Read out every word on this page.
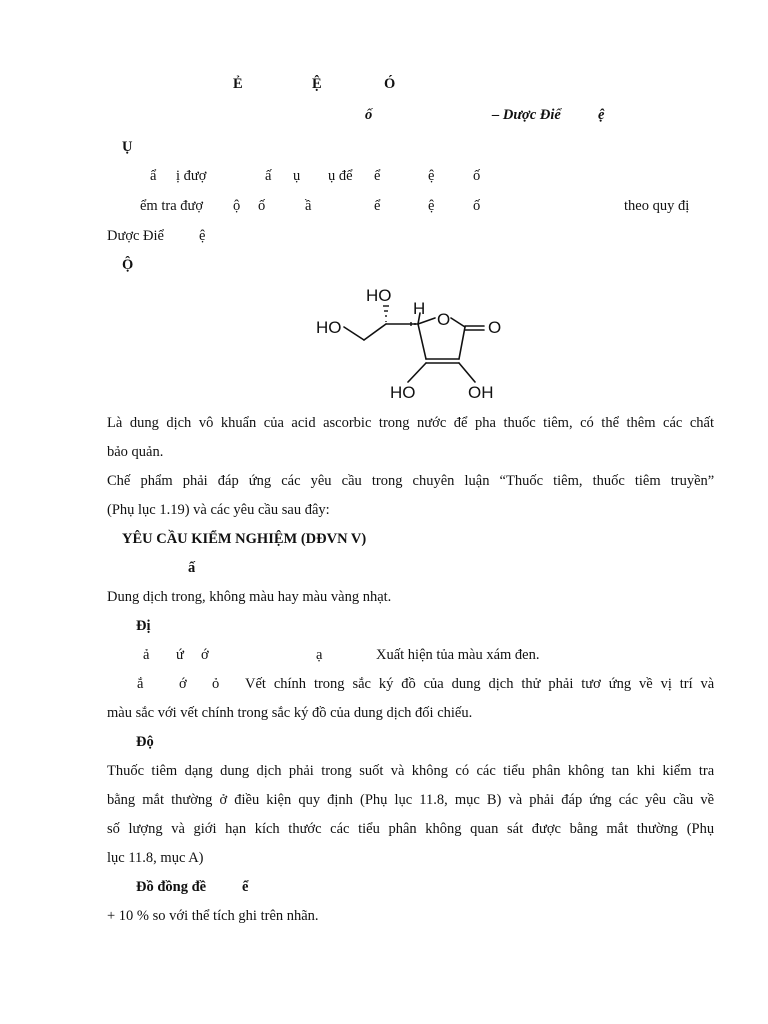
Ẻ	Ệ	Ó
ố	– Dược Điể	ệ
Ụ
ẩ ị đượ	ấ ụ ụ để ể	ệ	ố
ểm tra đượ ộ ố	ầ	ể	ệ	ố	theo quy đị
Dược Điể ệ
Ộ
HO
H
HO	O O
HO	OH
Là dung dịch vô khuẩn của acid ascorbic trong nước để pha thuốc tiêm, có thể thêm các chất
bảo quản.
Chế phẩm phải đáp ứng các yêu cầu trong chuyên luận “Thuốc tiêm, thuốc tiêm truyền”
(Phụ lục 1.19) và các yêu cầu sau đây:
YÊU CẦU KIỂM NGHIỆM (DĐVN V)
ấ
Dung dịch trong, không màu hay màu vàng nhạt.
Đị
ả ứ ớ	ạ	Xuất hiện tủa màu xám đen.
ắ ớ ỏ Vết chính trong sắc ký đồ của dung dịch thử phải tươ ứng về vị trí và
màu sắc với vết chính trong sắc ký đồ của dung dịch đối chiếu.
Độ
Thuốc tiêm dạng dung dịch phải trong suốt và không có các tiểu phân không tan khi kiểm tra
bằng mắt thường ở điều kiện quy định (Phụ lục 11.8, mục B) và phải đáp ứng các yêu cầu về
số lượng và giới hạn kích thước các tiểu phân không quan sát được bằng mắt thường (Phụ
lục 11.8, mục A)
Đồ đồng đề ể
+ 10 % so với thể tích ghi trên nhãn.
